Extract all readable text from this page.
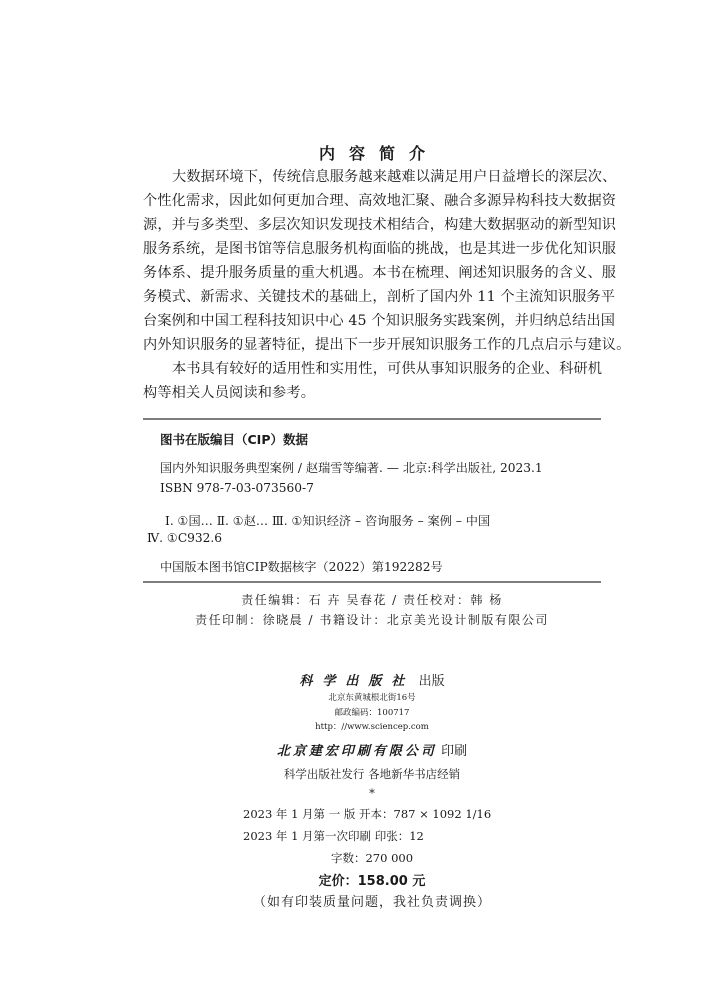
内容简介
大数据环境下，传统信息服务越来越难以满足用户日益增长的深层次、
个性化需求，因此如何更加合理、高效地汇聚、融合多源异构科技大数据资
源，并与多类型、多层次知识发现技术相结合，构建大数据驱动的新型知识
服务系统，是图书馆等信息服务机构面临的挑战，也是其进一步优化知识服
务体系、提升服务质量的重大机遇。本书在梳理、阐述知识服务的含义、服
务模式、新需求、关键技术的基础上，剖析了国内外 11 个主流知识服务平
台案例和中国工程科技知识中心 45 个知识服务实践案例，并归纳总结出国
内外知识服务的显著特征，提出下一步开展知识服务工作的几点启示与建议。
本书具有较好的适用性和实用性，可供从事知识服务的企业、科研机
构等相关人员阅读和参考。
图书在版编目（CIP）数据
国内外知识服务典型案例 / 赵瑞雪等编著. — 北京:科学出版社, 2023.1
ISBN 978-7-03-073560-7
Ⅰ. ①国… Ⅱ. ①赵… Ⅲ. ①知识经济 – 咨询服务 – 案例 – 中国
Ⅳ. ①C932.6
中国版本图书馆CIP数据核字（2022）第192282号
责任编辑：石 卉 吴春花 / 责任校对：韩 杨
责任印制：徐晓晨 / 书籍设计：北京美光设计制版有限公司
科学出版社 出版
北京东黄城根北街16号
邮政编码：100717
http：//www.sciencep.com
北京建宏印刷有限公司 印刷
科学出版社发行 各地新华书店经销
*
2023 年 1 月第 一 版 开本：787 × 1092 1/16
2023 年 1 月第一次印刷 印张：12
字数：270 000
定价：158.00 元
（如有印装质量问题，我社负责调换）
